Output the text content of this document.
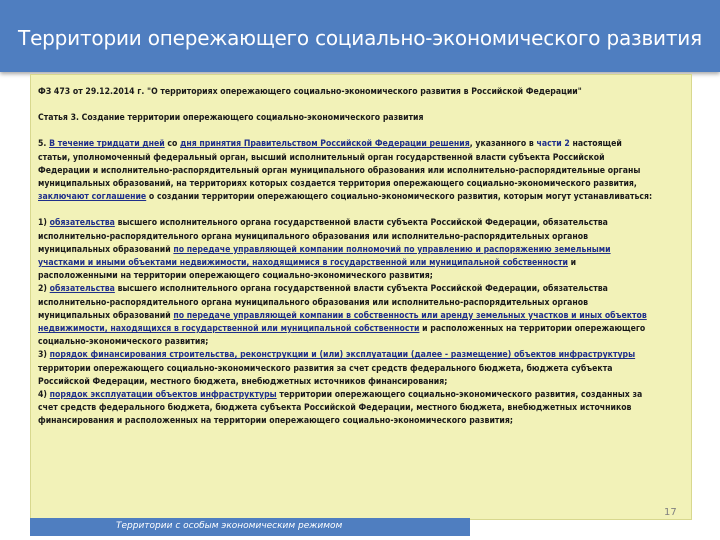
Территории опережающего социально-экономического развития

ФЗ 473 от 29.12.2014 г. "О территориях опережающего социально-экономического развития в Российской Федерации"

Статья 3. Создание территории опережающего социально-экономического развития

5. В течение тридцати дней со дня принятия Правительством Российской Федерации решения, указанного в части 2 настоящей статьи, уполномоченный федеральный орган, высший исполнительный орган государственной власти субъекта Российской Федерации и исполнительно-распорядительный орган муниципального образования или исполнительно-распорядительные органы муниципальных образований, на территориях которых создается территория опережающего социально-экономического развития, заключают соглашение о создании территории опережающего социально-экономического развития, которым могут устанавливаться:

1) обязательства высшего исполнительного органа государственной власти субъекта Российской Федерации, обязательства исполнительно-распорядительного органа муниципального образования или исполнительно-распорядительных органов муниципальных образований по передаче управляющей компании полномочий по управлению и распоряжению земельными участками и иными объектами недвижимости, находящимися в государственной или муниципальной собственности и расположенными на территории опережающего социально-экономического развития;

2) обязательства высшего исполнительного органа государственной власти субъекта Российской Федерации, обязательства исполнительно-распорядительного органа муниципального образования или исполнительно-распорядительных органов муниципальных образований по передаче управляющей компании в собственность или аренду земельных участков и иных объектов недвижимости, находящихся в государственной или муниципальной собственности и расположенных на территории опережающего социально-экономического развития;

3) порядок финансирования строительства, реконструкции и (или) эксплуатации (далее - размещение) объектов инфраструктуры территории опережающего социально-экономического развития за счет средств федерального бюджета, бюджета субъекта Российской Федерации, местного бюджета, внебюджетных источников финансирования;

4) порядок эксплуатации объектов инфраструктуры территории опережающего социально-экономического развития, созданных за счет средств федерального бюджета, бюджета субъекта Российской Федерации, местного бюджета, внебюджетных источников финансирования и расположенных на территории опережающего социально-экономического развития;

17
Территории с особым экономическим режимом
